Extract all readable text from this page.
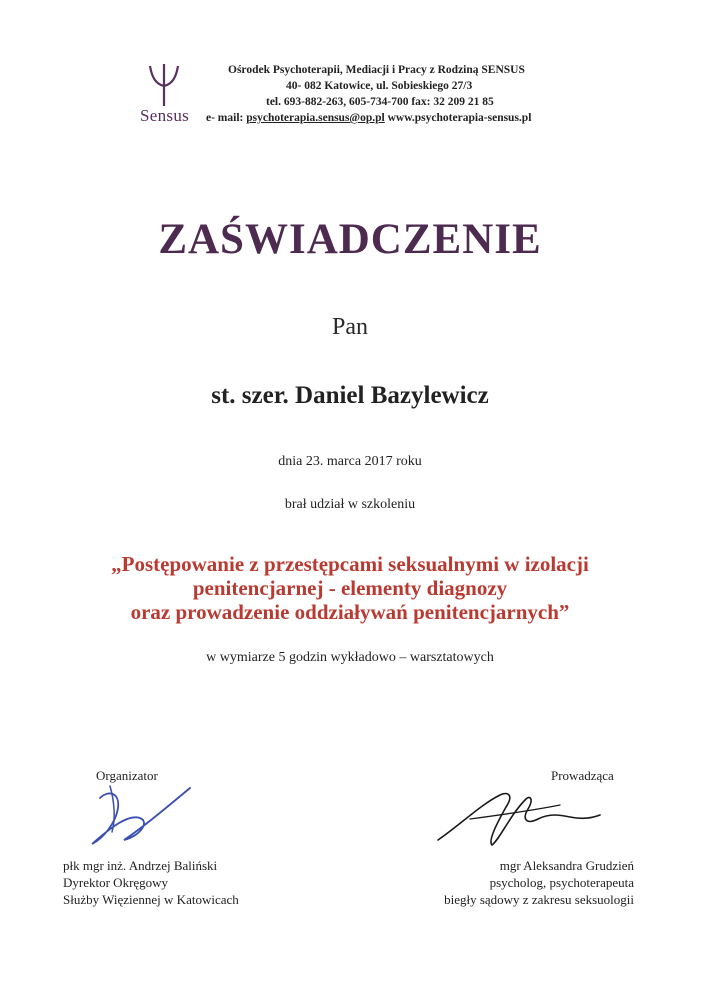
Sensus
Ośrodek Psychoterapii, Mediacji i Pracy z Rodziną SENSUS
40- 082 Katowice, ul. Sobieskiego 27/3
tel. 693-882-263, 605-734-700 fax: 32 209 21 85
e- mail: psychoterapia.sensus@op.pl www.psychoterapia-sensus.pl
ZAŚWIADCZENIE
Pan
st. szer. Daniel Bazylewicz
dnia 23. marca 2017 roku
brał udział w szkoleniu
„Postępowanie z przestępcami seksualnymi w izolacji
penitencjarnej - elementy diagnozy
oraz prowadzenie oddziaływań penitencjarnych”
w wymiarze 5 godzin wykładowo – warsztatowych
Organizator	Prowadząca
płk mgr inż. Andrzej Baliński
Dyrektor Okręgowy
Służby Więziennej w Katowicach
mgr Aleksandra Grudzień
psycholog, psychoterapeuta
biegły sądowy z zakresu seksuologii
